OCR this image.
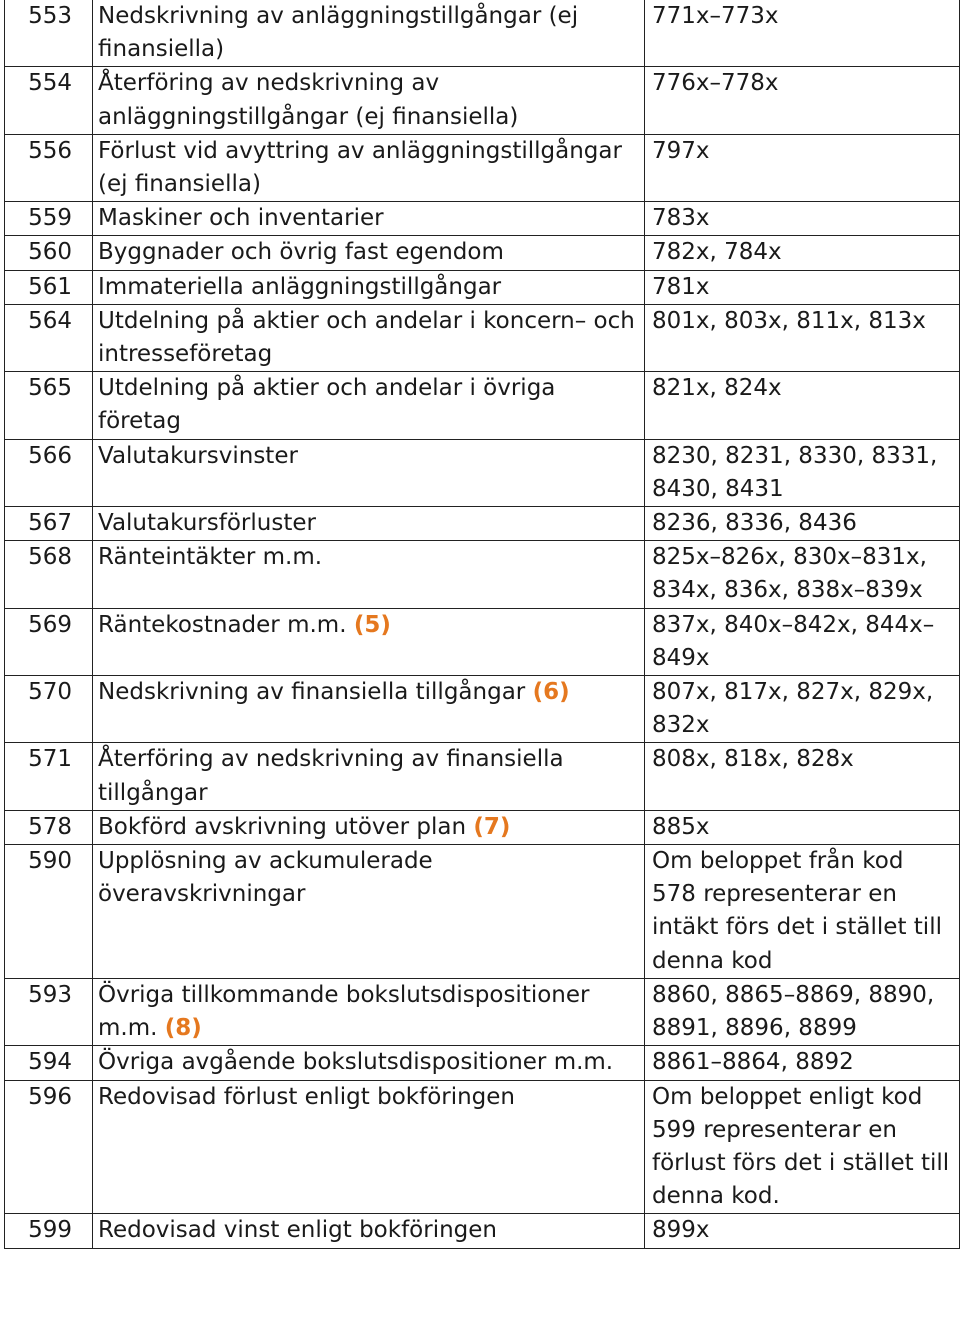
553	Nedskrivning av anläggningstillgångar (ej finansiella)	771x–773x
554	Återföring av nedskrivning av anläggningstillgångar (ej finansiella)	776x–778x
556	Förlust vid avyttring av anläggningstillgångar (ej finansiella)	797x
559	Maskiner och inventarier	783x
560	Byggnader och övrig fast egendom	782x, 784x
561	Immateriella anläggningstillgångar	781x
564	Utdelning på aktier och andelar i koncern– och intresseföretag	801x, 803x, 811x, 813x
565	Utdelning på aktier och andelar i övriga företag	821x, 824x
566	Valutakursvinster	8230, 8231, 8330, 8331, 8430, 8431
567	Valutakursförluster	8236, 8336, 8436
568	Ränteintäkter m.m.	825x–826x, 830x–831x, 834x, 836x, 838x–839x
569	Räntekostnader m.m. (5)	837x, 840x–842x, 844x–849x
570	Nedskrivning av finansiella tillgångar (6)	807x, 817x, 827x, 829x, 832x
571	Återföring av nedskrivning av finansiella tillgångar	808x, 818x, 828x
578	Bokförd avskrivning utöver plan (7)	885x
590	Upplösning av ackumulerade överavskrivningar	Om beloppet från kod 578 representerar en intäkt förs det i stället till denna kod
593	Övriga tillkommande bokslutsdispositioner m.m. (8)	8860, 8865–8869, 8890, 8891, 8896, 8899
594	Övriga avgående bokslutsdispositioner m.m.	8861–8864, 8892
596	Redovisad förlust enligt bokföringen	Om beloppet enligt kod 599 representerar en förlust förs det i stället till denna kod.
599	Redovisad vinst enligt bokföringen	899x
